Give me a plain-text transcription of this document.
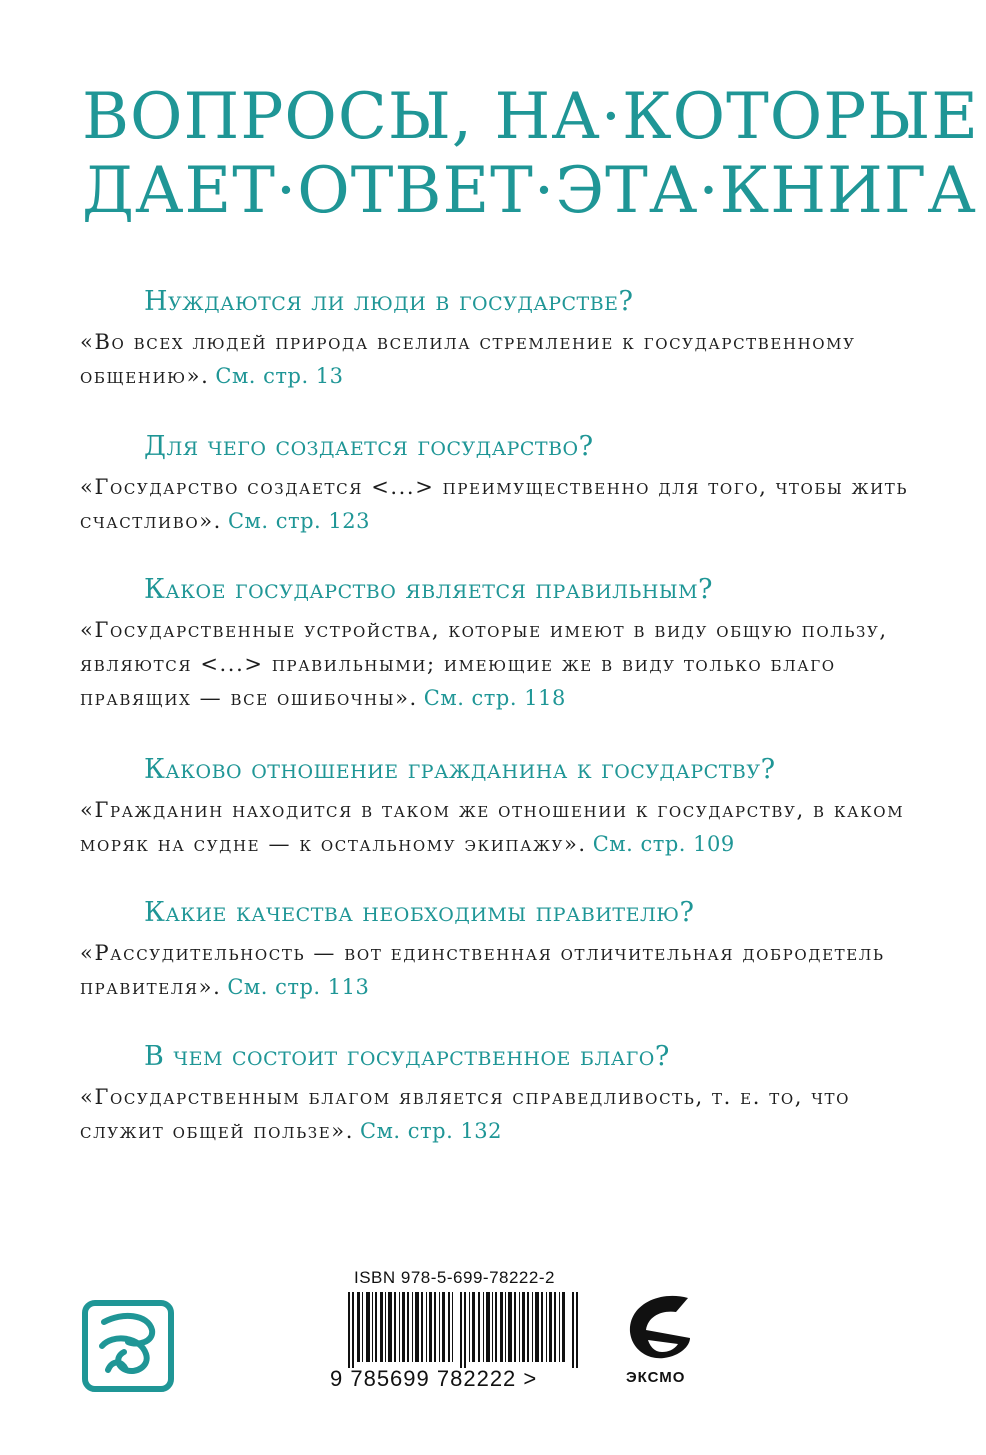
ВОПРОСЫ, НА·КОТОРЫЕ
ДАЕТ·ОТВЕТ·ЭТА·КНИГА

Нуждаются ли люди в государстве?

«Во всех людей природа вселила стремление к государственному общению». См. стр. 13

Для чего создается государство?

«Государство создается <...> преимущественно для того, чтобы жить счастливо». См. стр. 123

Какое государство является правильным?

«Государственные устройства, которые имеют в виду общую пользу, являются <...> правильными; имеющие же в виду только благо правящих — все ошибочны». См. стр. 118

Каково отношение гражданина к государству?

«Гражданин находится в таком же отношении к государству, в каком моряк на судне — к остальному экипажу». См. стр. 109

Какие качества необходимы правителю?

«Рассудительность — вот единственная отличительная добродетель правителя». См. стр. 113

В чем состоит государственное благо?

«Государственным благом является справедливость, т. е. то, что служит общей пользе». См. стр. 132

ISBN 978-5-699-78222-2
9 785699 782222 >	ЭКСМО
